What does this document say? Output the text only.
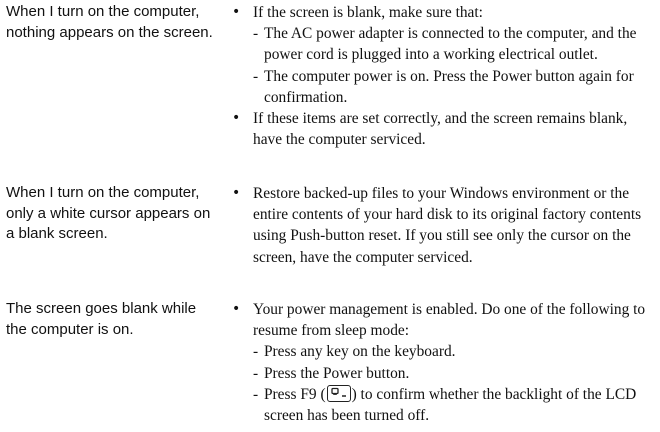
When I turn on the computer, nothing appears on the screen.
• If the screen is blank, make sure that:
- The AC power adapter is connected to the computer, and the power cord is plugged into a working electrical outlet.
- The computer power is on. Press the Power button again for confirmation.
• If these items are set correctly, and the screen remains blank, have the computer serviced.
When I turn on the computer, only a white cursor appears on a blank screen.
• Restore backed-up files to your Windows environment or the entire contents of your hard disk to its original factory contents using Push-button reset. If you still see only the cursor on the screen, have the computer serviced.
The screen goes blank while the computer is on.
• Your power management is enabled. Do one of the following to resume from sleep mode:
- Press any key on the keyboard.
- Press the Power button.
- Press F9 ( ) to confirm whether the backlight of the LCD screen has been turned off.
